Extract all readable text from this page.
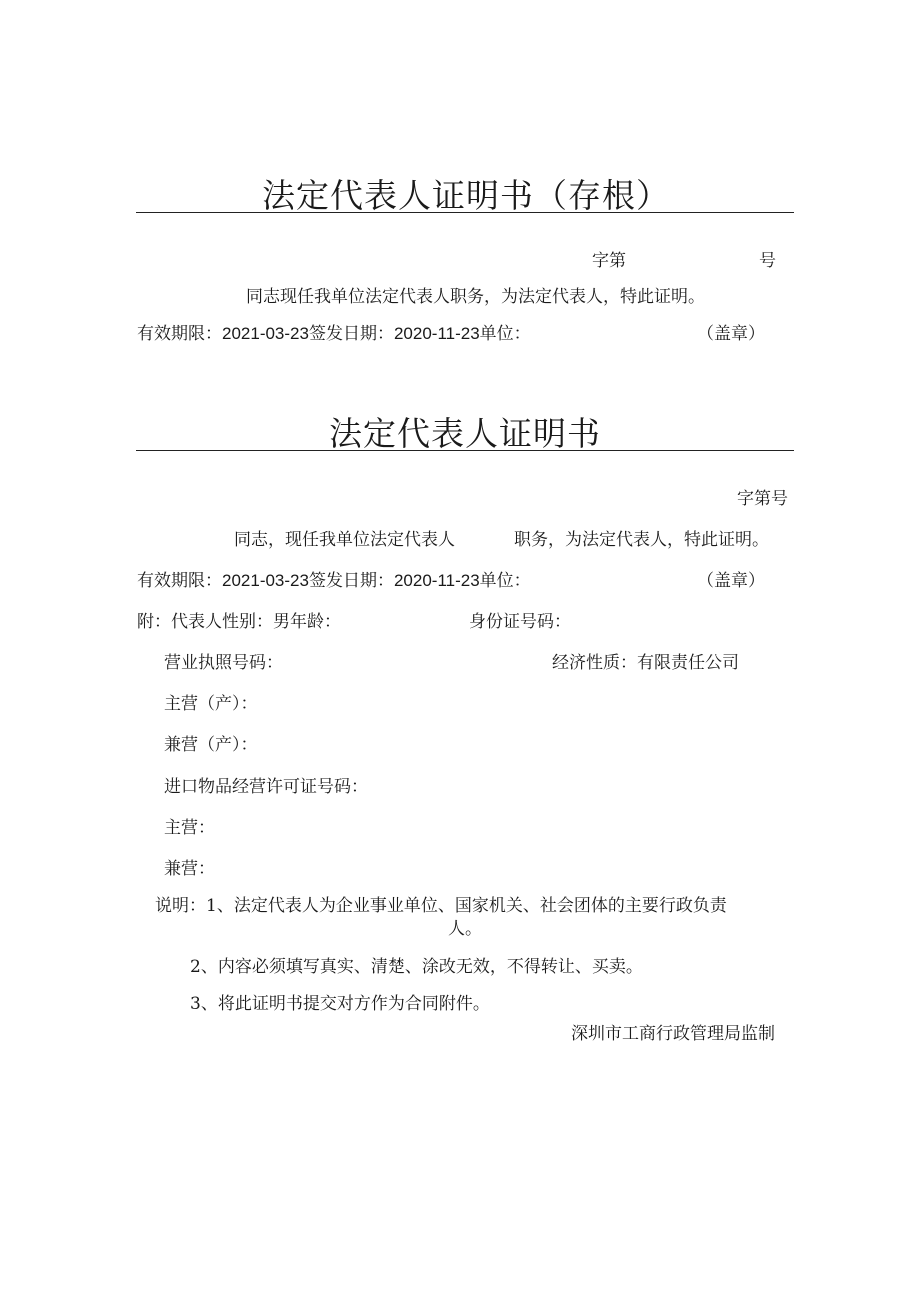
法定代表人证明书（存根）
字第	号
同志现任我单位法定代表人职务，为法定代表人，特此证明。
有效期限：2021-03-23签发日期：2020-11-23单位：	（盖章）
法定代表人证明书
字第号
同志，现任我单位法定代表人	职务，为法定代表人，特此证明。
有效期限：2021-03-23签发日期：2020-11-23单位：	（盖章）
附：代表人性别：男年龄：	身份证号码：
营业执照号码：	经济性质：有限责任公司
主营（产）：
兼营（产）：
进口物品经营许可证号码：
主营：
兼营：
说明：1、法定代表人为企业事业单位、国家机关、社会团体的主要行政负责
人。
2、内容必须填写真实、清楚、涂改无效，不得转让、买卖。
3、将此证明书提交对方作为合同附件。
深圳市工商行政管理局监制
